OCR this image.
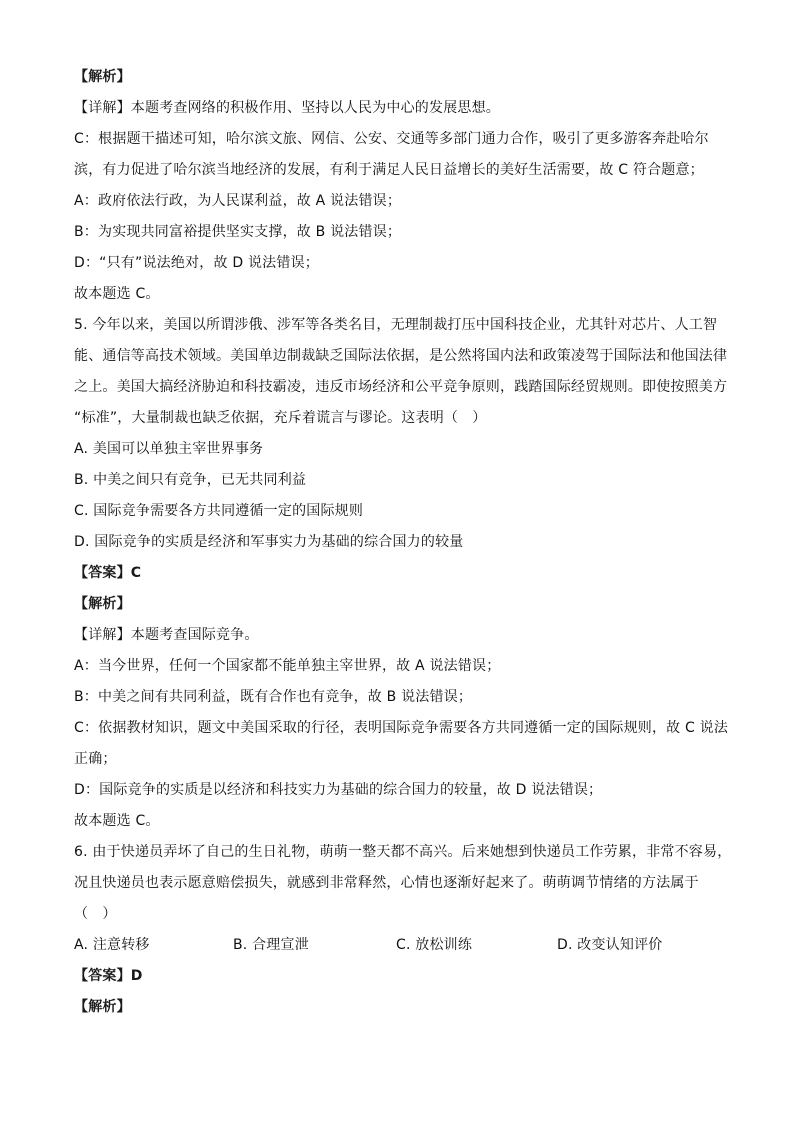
【解析】
【详解】本题考查网络的积极作用、坚持以人民为中心的发展思想。
C：根据题干描述可知，哈尔滨文旅、网信、公安、交通等多部门通力合作，吸引了更多游客奔赴哈尔
滨，有力促进了哈尔滨当地经济的发展，有利于满足人民日益增长的美好生活需要，故 C 符合题意；
A：政府依法行政，为人民谋利益，故 A 说法错误；
B：为实现共同富裕提供坚实支撑，故 B 说法错误；
D：“只有”说法绝对，故 D 说法错误；
故本题选 C。
5. 今年以来，美国以所谓涉俄、涉军等各类名目，无理制裁打压中国科技企业，尤其针对芯片、人工智
能、通信等高技术领域。美国单边制裁缺乏国际法依据，是公然将国内法和政策凌驾于国际法和他国法律
之上。美国大搞经济胁迫和科技霸凌，违反市场经济和公平竞争原则，践踏国际经贸规则。即使按照美方
“标准”，大量制裁也缺乏依据，充斥着谎言与谬论。这表明（　）
A. 美国可以单独主宰世界事务
B. 中美之间只有竞争，已无共同利益
C. 国际竞争需要各方共同遵循一定的国际规则
D. 国际竞争的实质是经济和军事实力为基础的综合国力的较量
【答案】C
【解析】
【详解】本题考查国际竞争。
A：当今世界，任何一个国家都不能单独主宰世界，故 A 说法错误；
B：中美之间有共同利益，既有合作也有竞争，故 B 说法错误；
C：依据教材知识，题文中美国采取的行径，表明国际竞争需要各方共同遵循一定的国际规则，故 C 说法
正确；
D：国际竞争的实质是以经济和科技实力为基础的综合国力的较量，故 D 说法错误；
故本题选 C。
6. 由于快递员弄坏了自己的生日礼物，萌萌一整天都不高兴。后来她想到快递员工作劳累，非常不容易，
况且快递员也表示愿意赔偿损失，就感到非常释然，心情也逐渐好起来了。萌萌调节情绪的方法属于
（　）
A. 注意转移	B. 合理宣泄	C. 放松训练	D. 改变认知评价
【答案】D
【解析】
